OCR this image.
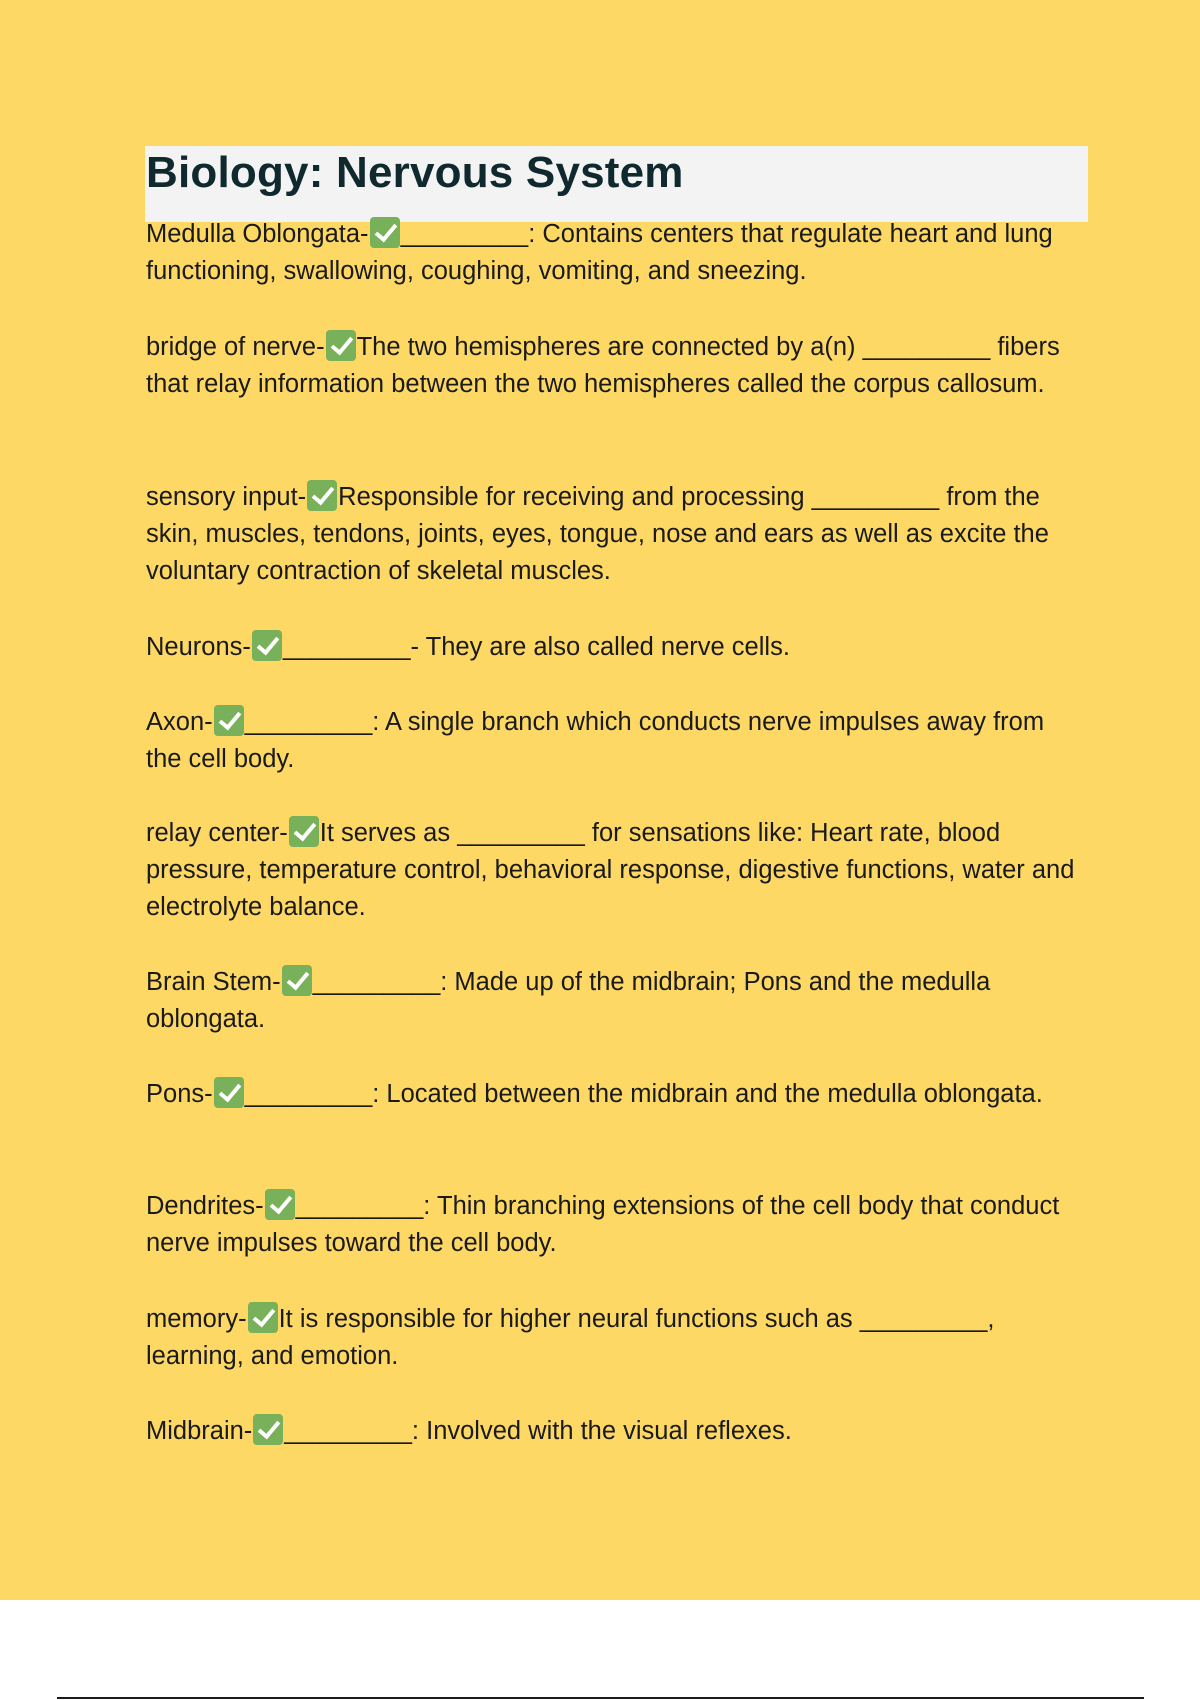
Biology: Nervous System

Medulla Oblongata- _________: Contains centers that regulate heart and lung functioning, swallowing, coughing, vomiting, and sneezing.

bridge of nerve- The two hemispheres are connected by a(n) _________ fibers that relay information between the two hemispheres called the corpus callosum.

sensory input- Responsible for receiving and processing _________ from the skin, muscles, tendons, joints, eyes, tongue, nose and ears as well as excite the voluntary contraction of skeletal muscles.

Neurons- _________- They are also called nerve cells.

Axon- _________: A single branch which conducts nerve impulses away from the cell body.

relay center- It serves as _________ for sensations like: Heart rate, blood pressure, temperature control, behavioral response, digestive functions, water and electrolyte balance.

Brain Stem- _________: Made up of the midbrain; Pons and the medulla oblongata.

Pons- _________: Located between the midbrain and the medulla oblongata.

Dendrites- _________: Thin branching extensions of the cell body that conduct nerve impulses toward the cell body.

memory- It is responsible for higher neural functions such as _________, learning, and emotion.

Midbrain- _________: Involved with the visual reflexes.
